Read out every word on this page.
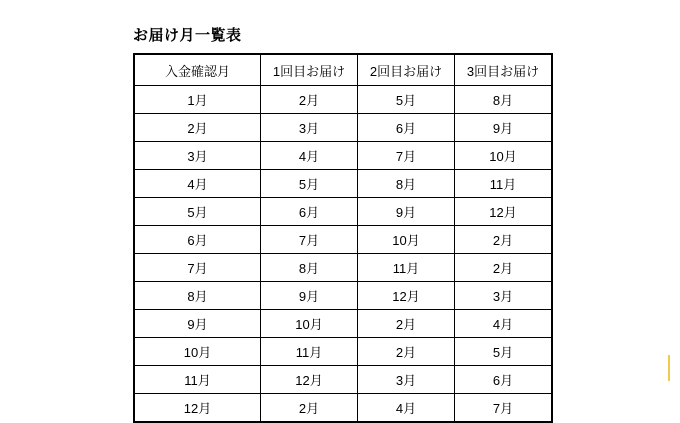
お届け月一覧表
入金確認月	1回目お届け	2回目お届け	3回目お届け
1月	2月	5月	8月
2月	3月	6月	9月
3月	4月	7月	10月
4月	5月	8月	11月
5月	6月	9月	12月
6月	7月	10月	2月
7月	8月	11月	2月
8月	9月	12月	3月
9月	10月	2月	4月
10月	11月	2月	5月
11月	12月	3月	6月
12月	2月	4月	7月
